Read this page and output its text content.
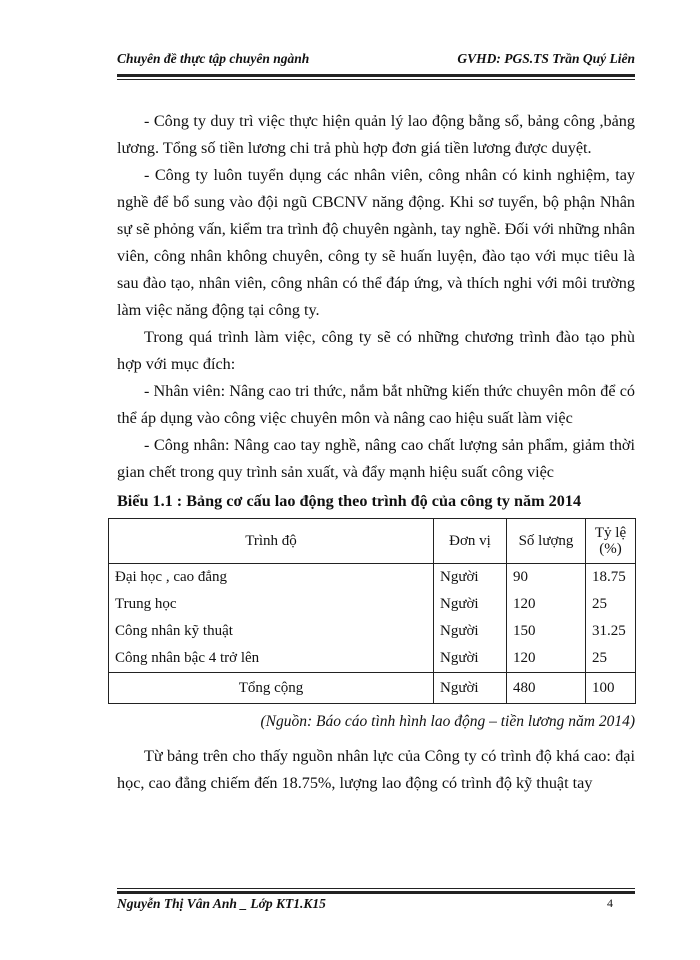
Chuyên đề thực tập chuyên ngành	GVHD: PGS.TS Trần Quý Liên

- Công ty duy trì việc thực hiện quản lý lao động bằng sổ, bảng công ,bảng lương. Tổng số tiền lương chi trả phù hợp đơn giá tiền lương được duyệt.

- Công ty luôn tuyển dụng các nhân viên, công nhân có kinh nghiệm, tay nghề để bổ sung vào đội ngũ CBCNV năng động. Khi sơ tuyển, bộ phận Nhân sự sẽ phỏng vấn, kiểm tra trình độ chuyên ngành, tay nghề. Đối với những nhân viên, công nhân không chuyên, công ty sẽ huấn luyện, đào tạo với mục tiêu là sau đào tạo, nhân viên, công nhân có thể đáp ứng, và thích nghi với môi trường làm việc năng động tại công ty.

Trong quá trình làm việc, công ty sẽ có những chương trình đào tạo phù hợp với mục đích:

- Nhân viên: Nâng cao tri thức, nắm bắt những kiến thức chuyên môn để có thể áp dụng vào công việc chuyên môn và nâng cao hiệu suất làm việc

- Công nhân: Nâng cao tay nghề, nâng cao chất lượng sản phẩm, giảm thời gian chết trong quy trình sản xuất, và đẩy mạnh hiệu suất công việc

Biểu 1.1 : Bảng cơ cấu lao động theo trình độ của công ty năm 2014
Trình độ	Đơn vị	Số lượng	Tỷ lệ (%)
Đại học , cao đẳng	Người	90	18.75
Trung học	Người	120	25
Công nhân kỹ thuật	Người	150	31.25
Công nhân bậc 4 trở lên	Người	120	25
Tổng cộng	Người	480	100
(Nguồn: Báo cáo tình hình lao động – tiền lương năm 2014)

Từ bảng trên cho thấy nguồn nhân lực của Công ty có trình độ khá cao: đại học, cao đẳng chiếm đến 18.75%, lượng lao động có trình độ kỹ thuật tay

Nguyễn Thị Vân Anh _ Lớp KT1.K15	4
